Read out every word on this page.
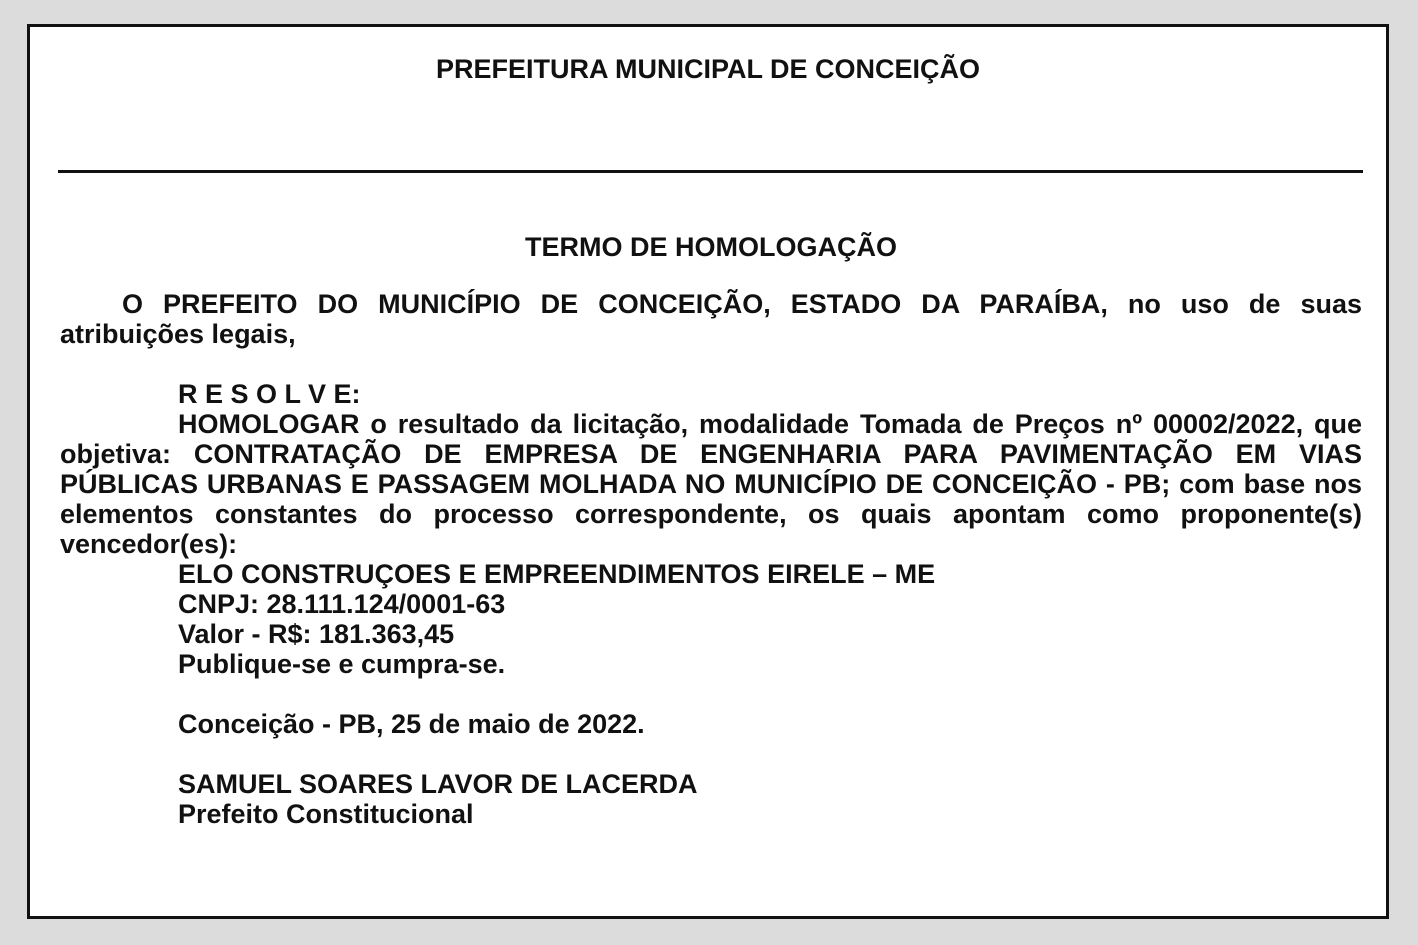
PREFEITURA MUNICIPAL DE CONCEIÇÃO
TERMO DE HOMOLOGAÇÃO

O PREFEITO DO MUNICÍPIO DE CONCEIÇÃO, ESTADO DA PARAÍBA, no uso de suas atribuições legais,

R E S O L V E:

HOMOLOGAR o resultado da licitação, modalidade Tomada de Preços nº 00002/2022, que objetiva: CONTRATAÇÃO DE EMPRESA DE ENGENHARIA PARA PAVIMENTAÇÃO EM VIAS PÚBLICAS URBANAS E PASSAGEM MOLHADA NO MUNICÍPIO DE CONCEIÇÃO - PB; com base nos elementos constantes do processo correspondente, os quais apontam como proponente(s) vencedor(es):

ELO CONSTRUÇOES E EMPREENDIMENTOS EIRELE – ME

CNPJ: 28.111.124/0001-63

Valor - R$: 181.363,45

Publique-se e cumpra-se.

Conceição - PB, 25 de maio de 2022.

SAMUEL SOARES LAVOR DE LACERDA

Prefeito Constitucional
